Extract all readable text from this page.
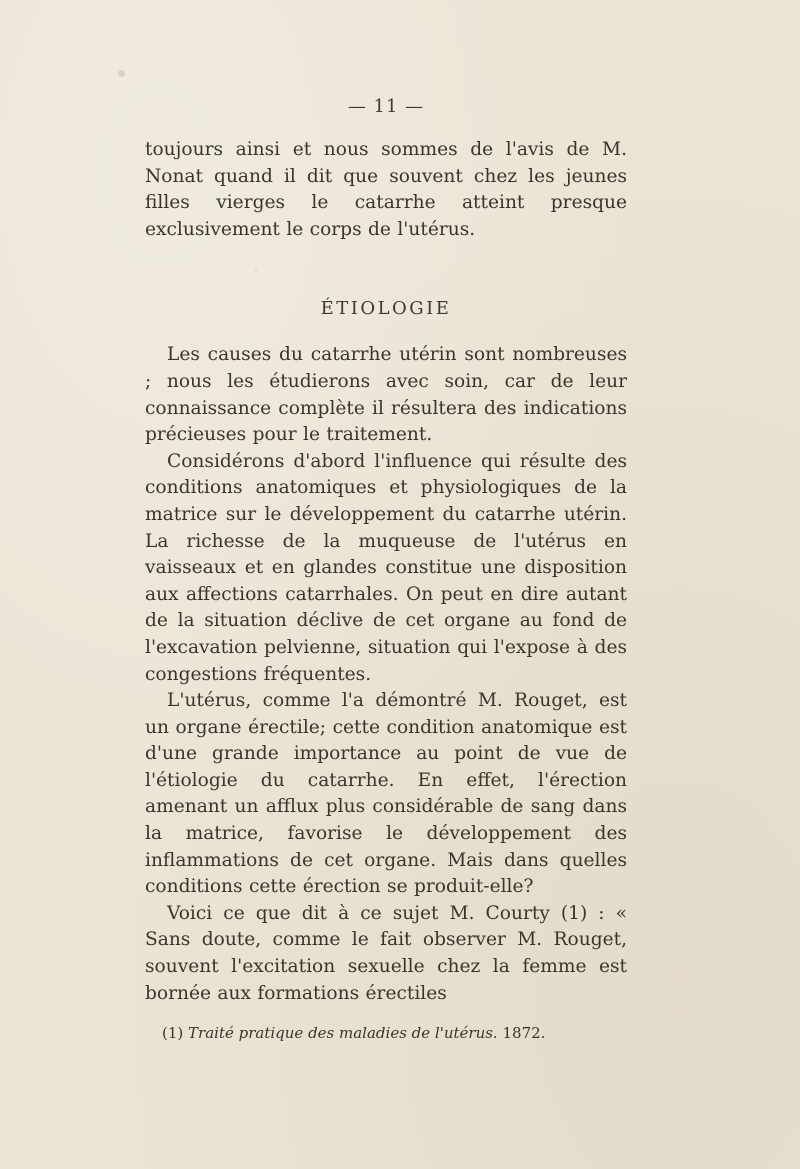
— 11 —

toujours ainsi et nous sommes de l'avis de M. Nonat quand il dit que souvent chez les jeunes filles vierges le catarrhe atteint presque exclusivement le corps de l'utérus.

ÉTIOLOGIE

Les causes du catarrhe utérin sont nombreuses ; nous les étudierons avec soin, car de leur connaissance complète il résultera des indications précieuses pour le traitement.

Considérons d'abord l'influence qui résulte des conditions anatomiques et physiologiques de la matrice sur le développement du catarrhe utérin. La richesse de la muqueuse de l'utérus en vaisseaux et en glandes constitue une disposition aux affections catarrhales. On peut en dire autant de la situation déclive de cet organe au fond de l'excavation pelvienne, situation qui l'expose à des congestions fréquentes.

L'utérus, comme l'a démontré M. Rouget, est un organe érectile; cette condition anatomique est d'une grande importance au point de vue de l'étiologie du catarrhe. En effet, l'érection amenant un afflux plus considérable de sang dans la matrice, favorise le développement des inflammations de cet organe. Mais dans quelles conditions cette érection se produit-elle?

Voici ce que dit à ce sujet M. Courty (1) : « Sans doute, comme le fait observer M. Rouget, souvent l'excitation sexuelle chez la femme est bornée aux formations érectiles

(1) Traité pratique des maladies de l'utérus. 1872.
